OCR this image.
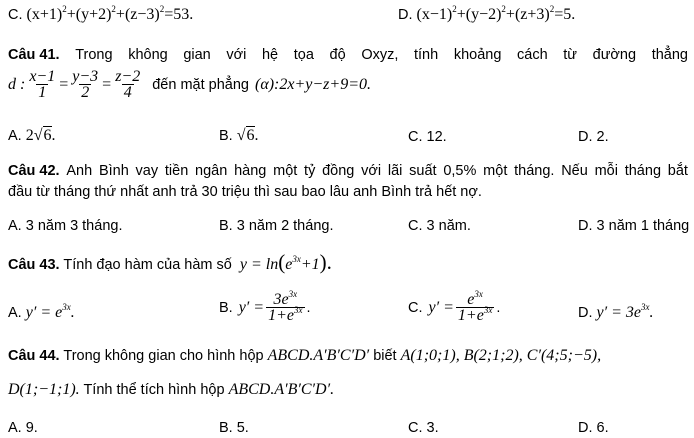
C. $(x+1)^2+(y+2)^2+(z-3)^2=53$.	D. $(x-1)^2+(y-2)^2+(z+3)^2=5$.
Câu 41. Trong không gian với hệ tọa độ Oxyz, tính khoảng cách từ đường thẳng
d : $\frac{x-1}{1} = \frac{y-3}{2} = \frac{z-2}{4}$ đến mặt phẳng (α):2x+y−z+9=0.
A. 2√6.	B. √6.	C. 12.	D. 2.
Câu 42. Anh Bình vay tiền ngân hàng một tỷ đồng với lãi suất 0,5% một tháng. Nếu mỗi tháng bắt
đầu từ tháng thứ nhất anh trả 30 triệu thì sau bao lâu anh Bình trả hết nợ.
A. 3 năm 3 tháng.	B. 3 năm 2 tháng.	C. 3 năm.	D. 3 năm 1 tháng
Câu 43. Tính đạo hàm của hàm số $y = \ln(e^{3x}+1)$.
A. $y' = e^{3x}$.	B. $y' = \frac{3e^{3x}}{1+e^{3x}}$ .	C. $y' = \frac{e^{3x}}{1+e^{3x}}$ .	D. $y' = 3e^{3x}$.
Câu 44. Trong không gian cho hình hộp ABCD.A′B′C′D′ biết A(1;0;1), B(2;1;2), C′(4;5;−5),
D(1;−1;1). Tính thể tích hình hộp ABCD.A′B′C′D′.
A. 9.	B. 5.	C. 3.	D. 6.
